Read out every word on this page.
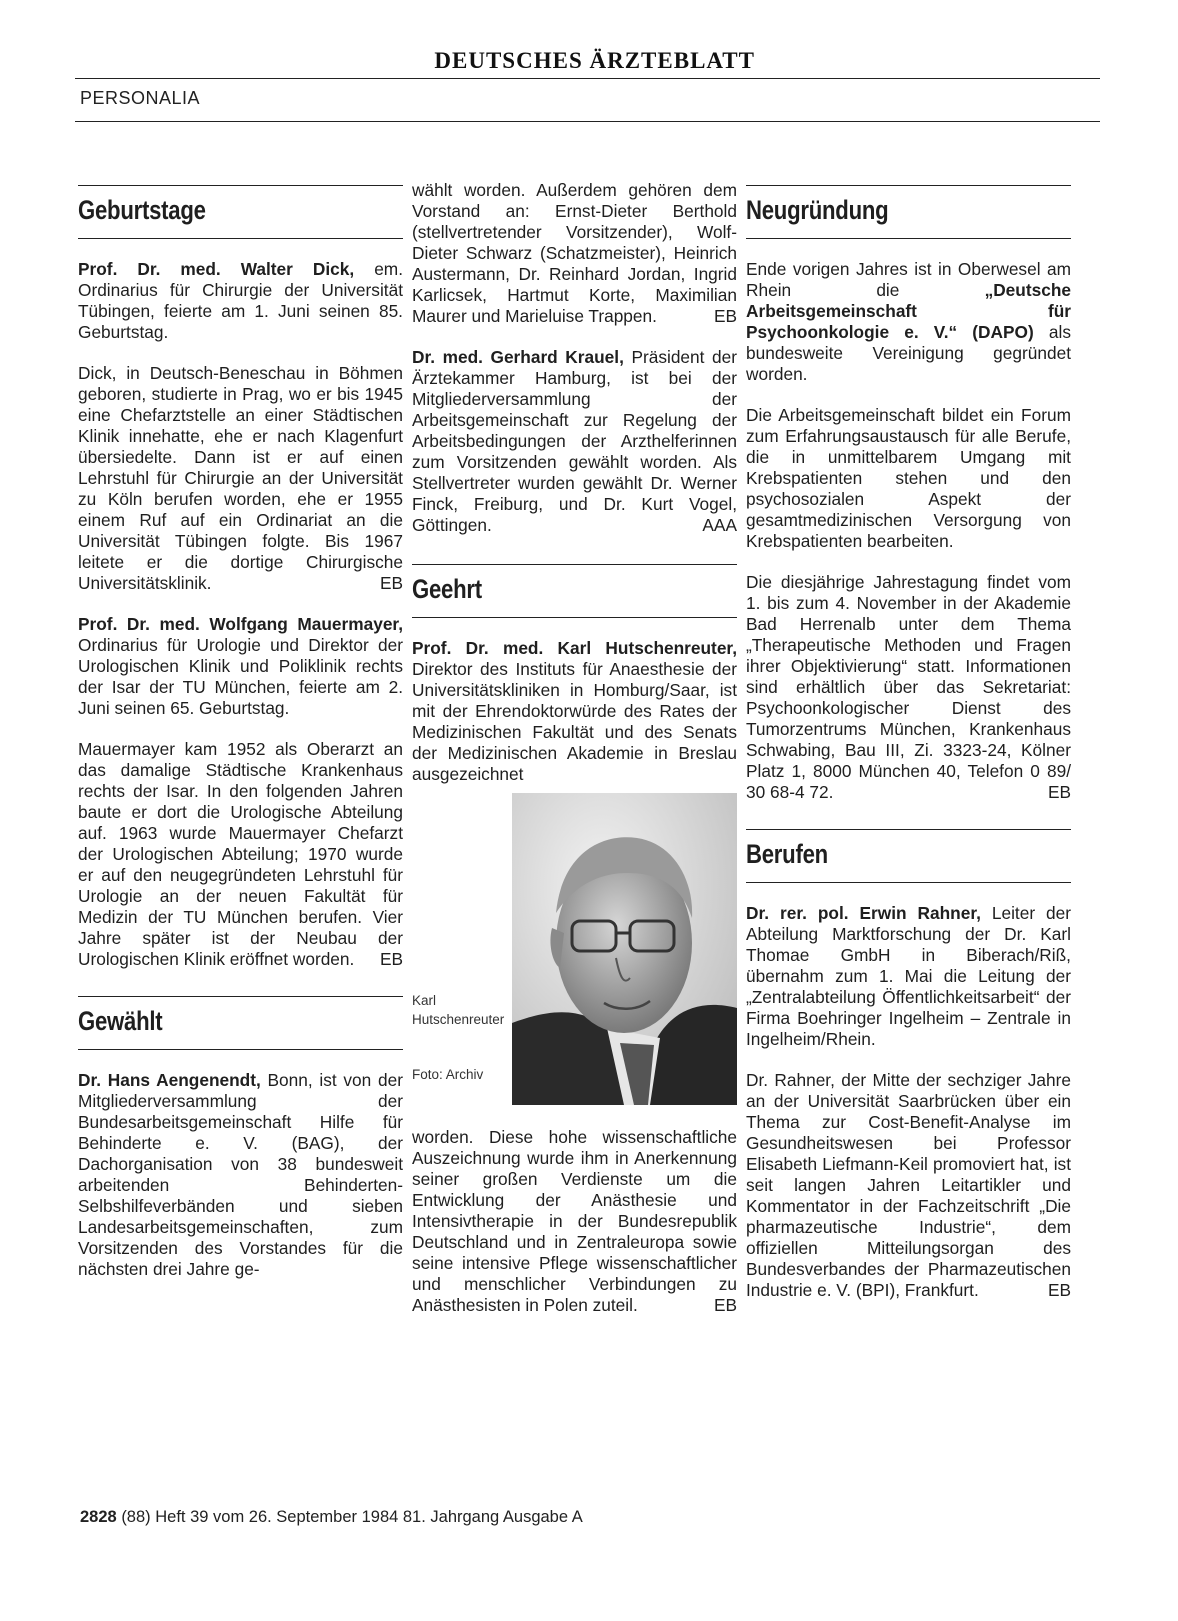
DEUTSCHES ÄRZTEBLATT
PERSONALIA
Geburtstage

Prof. Dr. med. Walter Dick, em. Ordinarius für Chirurgie der Universität Tübingen, feierte am 1. Juni seinen 85. Geburtstag.

Dick, in Deutsch-Beneschau in Böhmen geboren, studierte in Prag, wo er bis 1945 eine Chefarztstelle an einer Städtischen Klinik innehatte, ehe er nach Klagenfurt übersiedelte. Dann ist er auf einen Lehrstuhl für Chirurgie an der Universität zu Köln berufen worden, ehe er 1955 einem Ruf auf ein Ordinariat an die Universität Tübingen folgte. Bis 1967 leitete er die dortige Chirurgische Universitätsklinik.	EB

Prof. Dr. med. Wolfgang Mauermayer, Ordinarius für Urologie und Direktor der Urologischen Klinik und Poliklinik rechts der Isar der TU München, feierte am 2. Juni seinen 65. Geburtstag.

Mauermayer kam 1952 als Oberarzt an das damalige Städtische Krankenhaus rechts der Isar. In den folgenden Jahren baute er dort die Urologische Abteilung auf. 1963 wurde Mauermayer Chefarzt der Urologischen Abteilung; 1970 wurde er auf den neugegründeten Lehrstuhl für Urologie an der neuen Fakultät für Medizin der TU München berufen. Vier Jahre später ist der Neubau der Urologischen Klinik eröffnet worden. EB

Gewählt

Dr. Hans Aengenendt, Bonn, ist von der Mitgliederversammlung der Bundesarbeitsgemeinschaft Hilfe für Behinderte e. V. (BAG), der Dachorganisation von 38 bundesweit arbeitenden Behinderten-Selbshilfeverbänden und sieben Landesarbeitsgemeinschaften, zum Vorsitzenden des Vorstandes für die nächsten drei Jahre ge-

wählt worden. Außerdem gehören dem Vorstand an: Ernst-Dieter Berthold (stellvertretender Vorsitzender), Wolf-Dieter Schwarz (Schatzmeister), Heinrich Austermann, Dr. Reinhard Jordan, Ingrid Karlicsek, Hartmut Korte, Maximilian Maurer und Marieluise Trappen.	EB

Dr. med. Gerhard Krauel, Präsident der Ärztekammer Hamburg, ist bei der Mitgliederversammlung der Arbeitsgemeinschaft zur Regelung der Arbeitsbedingungen der Arzthelferinnen zum Vorsitzenden gewählt worden. Als Stellvertreter wurden gewählt Dr. Werner Finck, Freiburg, und Dr. Kurt Vogel, Göttingen.	AAA

Geehrt

Prof. Dr. med. Karl Hutschenreuter, Direktor des Instituts für Anaesthesie der Universitätskliniken in Homburg/Saar, ist mit der Ehrendoktorwürde des Rates der Medizinischen Fakultät und des Senats der Medizinischen Akademie in Breslau ausgezeichnet

Karl Hutschenreuter
Foto: Archiv

worden. Diese hohe wissenschaftliche Auszeichnung wurde ihm in Anerkennung seiner großen Verdienste um die Entwicklung der Anästhesie und Intensivtherapie in der Bundesrepublik Deutschland und in Zentraleuropa sowie seine intensive Pflege wissenschaftlicher und menschlicher Verbindungen zu Anästhesisten in Polen zuteil.	EB

Neugründung

Ende vorigen Jahres ist in Oberwesel am Rhein die „Deutsche Arbeitsgemeinschaft für Psychoonkologie e. V.“ (DAPO) als bundesweite Vereinigung gegründet worden.

Die Arbeitsgemeinschaft bildet ein Forum zum Erfahrungsaustausch für alle Berufe, die in unmittelbarem Umgang mit Krebspatienten stehen und den psychosozialen Aspekt der gesamtmedizinischen Versorgung von Krebspatienten bearbeiten.

Die diesjährige Jahrestagung findet vom 1. bis zum 4. November in der Akademie Bad Herrenalb unter dem Thema „Therapeutische Methoden und Fragen ihrer Objektivierung“ statt. Informationen sind erhältlich über das Sekretariat: Psychoonkologischer Dienst des Tumorzentrums München, Krankenhaus Schwabing, Bau III, Zi. 3323-24, Kölner Platz 1, 8000 München 40, Telefon 0 89/ 30 68-4 72.	EB

Berufen

Dr. rer. pol. Erwin Rahner, Leiter der Abteilung Marktforschung der Dr. Karl Thomae GmbH in Biberach/Riß, übernahm zum 1. Mai die Leitung der „Zentralabteilung Öffentlichkeitsarbeit“ der Firma Boehringer Ingelheim – Zentrale in Ingelheim/Rhein.

Dr. Rahner, der Mitte der sechziger Jahre an der Universität Saarbrücken über ein Thema zur Cost-Benefit-Analyse im Gesundheitswesen bei Professor Elisabeth Liefmann-Keil promoviert hat, ist seit langen Jahren Leitartikler und Kommentator in der Fachzeitschrift „Die pharmazeutische Industrie“, dem offiziellen Mitteilungsorgan des Bundesverbandes der Pharmazeutischen Industrie e. V. (BPI), Frankfurt.	EB

2828 (88) Heft 39 vom 26. September 1984 81. Jahrgang Ausgabe A
